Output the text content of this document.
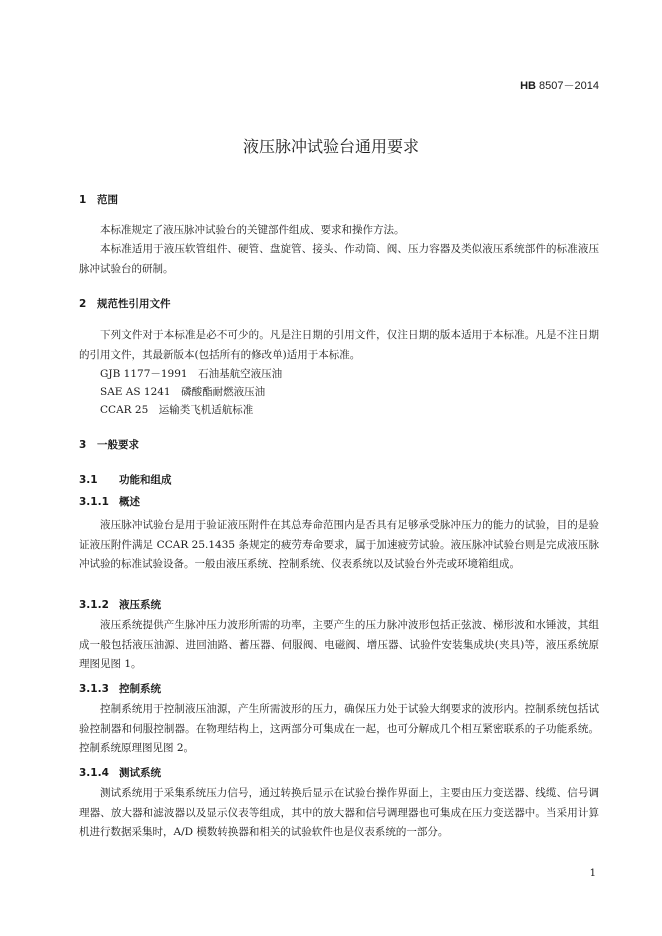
HB 8507－2014
液压脉冲试验台通用要求
1 范围

本标准规定了液压脉冲试验台的关键部件组成、要求和操作方法。

本标准适用于液压软管组件、硬管、盘旋管、接头、作动筒、阀、压力容器及类似液压系统部件的标准液压脉冲试验台的研制。

2 规范性引用文件

下列文件对于本标准是必不可少的。凡是注日期的引用文件，仅注日期的版本适用于本标准。凡是不注日期的引用文件，其最新版本(包括所有的修改单)适用于本标准。

GJB 1177－1991　石油基航空液压油
SAE AS 1241　磷酸酯耐燃液压油
CCAR 25　运输类飞机适航标准
3 一般要求
3.1 功能和组成
3.1.1 概述

液压脉冲试验台是用于验证液压附件在其总寿命范围内是否具有足够承受脉冲压力的能力的试验，目的是验证液压附件满足 CCAR 25.1435 条规定的疲劳寿命要求，属于加速疲劳试验。液压脉冲试验台则是完成液压脉冲试验的标准试验设备。一般由液压系统、控制系统、仪表系统以及试验台外壳或环境箱组成。

3.1.2 液压系统

液压系统提供产生脉冲压力波形所需的功率，主要产生的压力脉冲波形包括正弦波、梯形波和水锤波，其组成一般包括液压油源、进回油路、蓄压器、伺服阀、电磁阀、增压器、试验件安装集成块(夹具)等，液压系统原理图见图 1。

3.1.3 控制系统

控制系统用于控制液压油源，产生所需波形的压力，确保压力处于试验大纲要求的波形内。控制系统包括试验控制器和伺服控制器。在物理结构上，这两部分可集成在一起，也可分解成几个相互紧密联系的子功能系统。控制系统原理图见图 2。

3.1.4 测试系统

测试系统用于采集系统压力信号，通过转换后显示在试验台操作界面上，主要由压力变送器、线缆、信号调理器、放大器和滤波器以及显示仪表等组成，其中的放大器和信号调理器也可集成在压力变送器中。当采用计算机进行数据采集时，A/D 模数转换器和相关的试验软件也是仪表系统的一部分。

1
